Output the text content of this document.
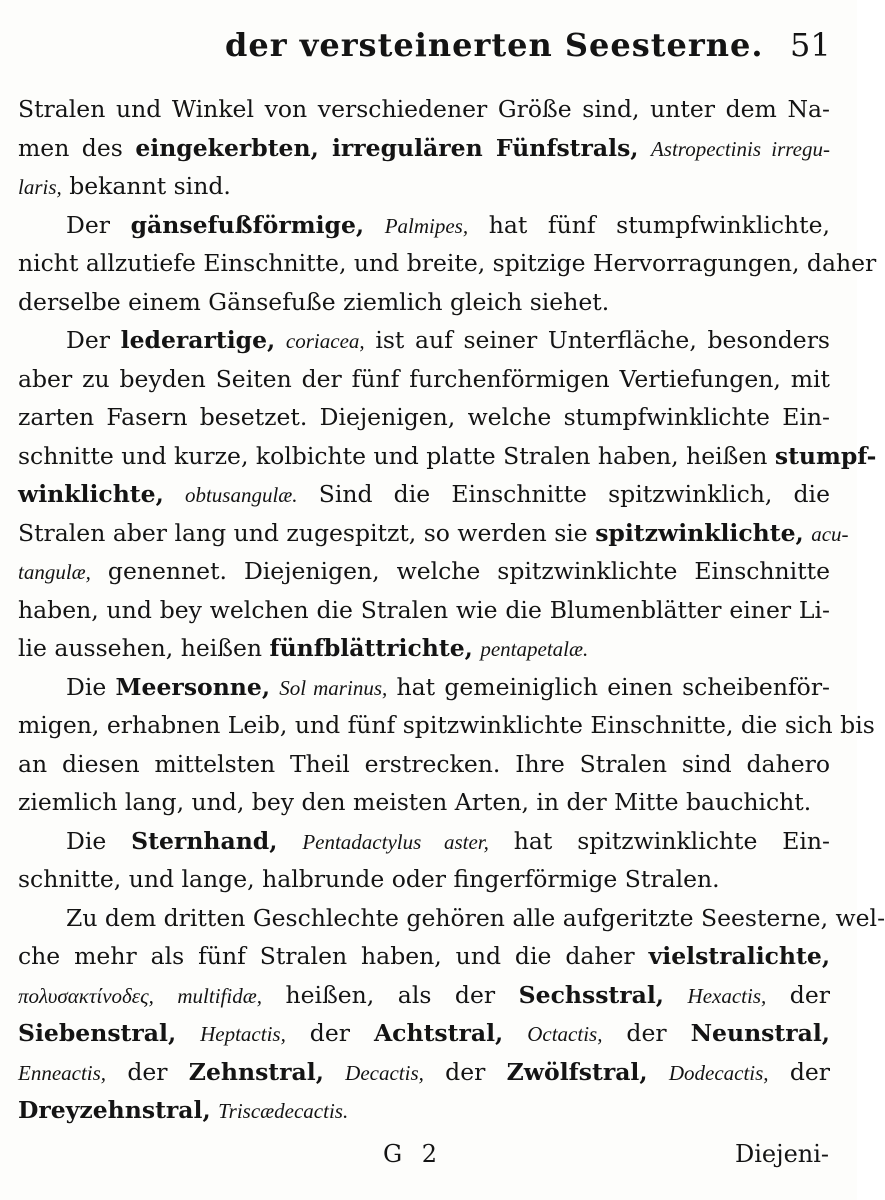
der versteinerten Seesterne. 51
Stralen und Winkel von verschiedener Größe sind, unter dem Na-
men des eingekerbten, irregulären Fünfstrals, Astropectinis irregu-
laris, bekannt sind.
Der gänsefußförmige, Palmipes, hat fünf stumpfwinklichte,
nicht allzutiefe Einschnitte, und breite, spitzige Hervorragungen, daher
derselbe einem Gänsefuße ziemlich gleich siehet.
Der lederartige, coriacea, ist auf seiner Unterfläche, besonders
aber zu beyden Seiten der fünf furchenförmigen Vertiefungen, mit
zarten Fasern besetzet. Diejenigen, welche stumpfwinklichte Ein-
schnitte und kurze, kolbichte und platte Stralen haben, heißen stumpf-
winklichte, obtusangulæ. Sind die Einschnitte spitzwinklich, die
Stralen aber lang und zugespitzt, so werden sie spitzwinklichte, acu-
tangulæ, genennet. Diejenigen, welche spitzwinklichte Einschnitte
haben, und bey welchen die Stralen wie die Blumenblätter einer Li-
lie aussehen, heißen fünfblättrichte, pentapetalæ.
Die Meersonne, Sol marinus, hat gemeiniglich einen scheibenför-
migen, erhabnen Leib, und fünf spitzwinklichte Einschnitte, die sich bis
an diesen mittelsten Theil erstrecken. Ihre Stralen sind dahero
ziemlich lang, und, bey den meisten Arten, in der Mitte bauchicht.
Die Sternhand, Pentadactylus aster, hat spitzwinklichte Ein-
schnitte, und lange, halbrunde oder fingerförmige Stralen.
Zu dem dritten Geschlechte gehören alle aufgeritzte Seesterne, wel-
che mehr als fünf Stralen haben, und die daher vielstralichte,
πολυσακτίνοδες, multifidæ, heißen, als der Sechsstral, Hexactis, der
Siebenstral, Heptactis, der Achtstral, Octactis, der Neunstral,
Enneactis, der Zehnstral, Decactis, der Zwölfstral, Dodecactis, der
Dreyzehnstral, Triscædecactis.
G 2	Diejeni-
